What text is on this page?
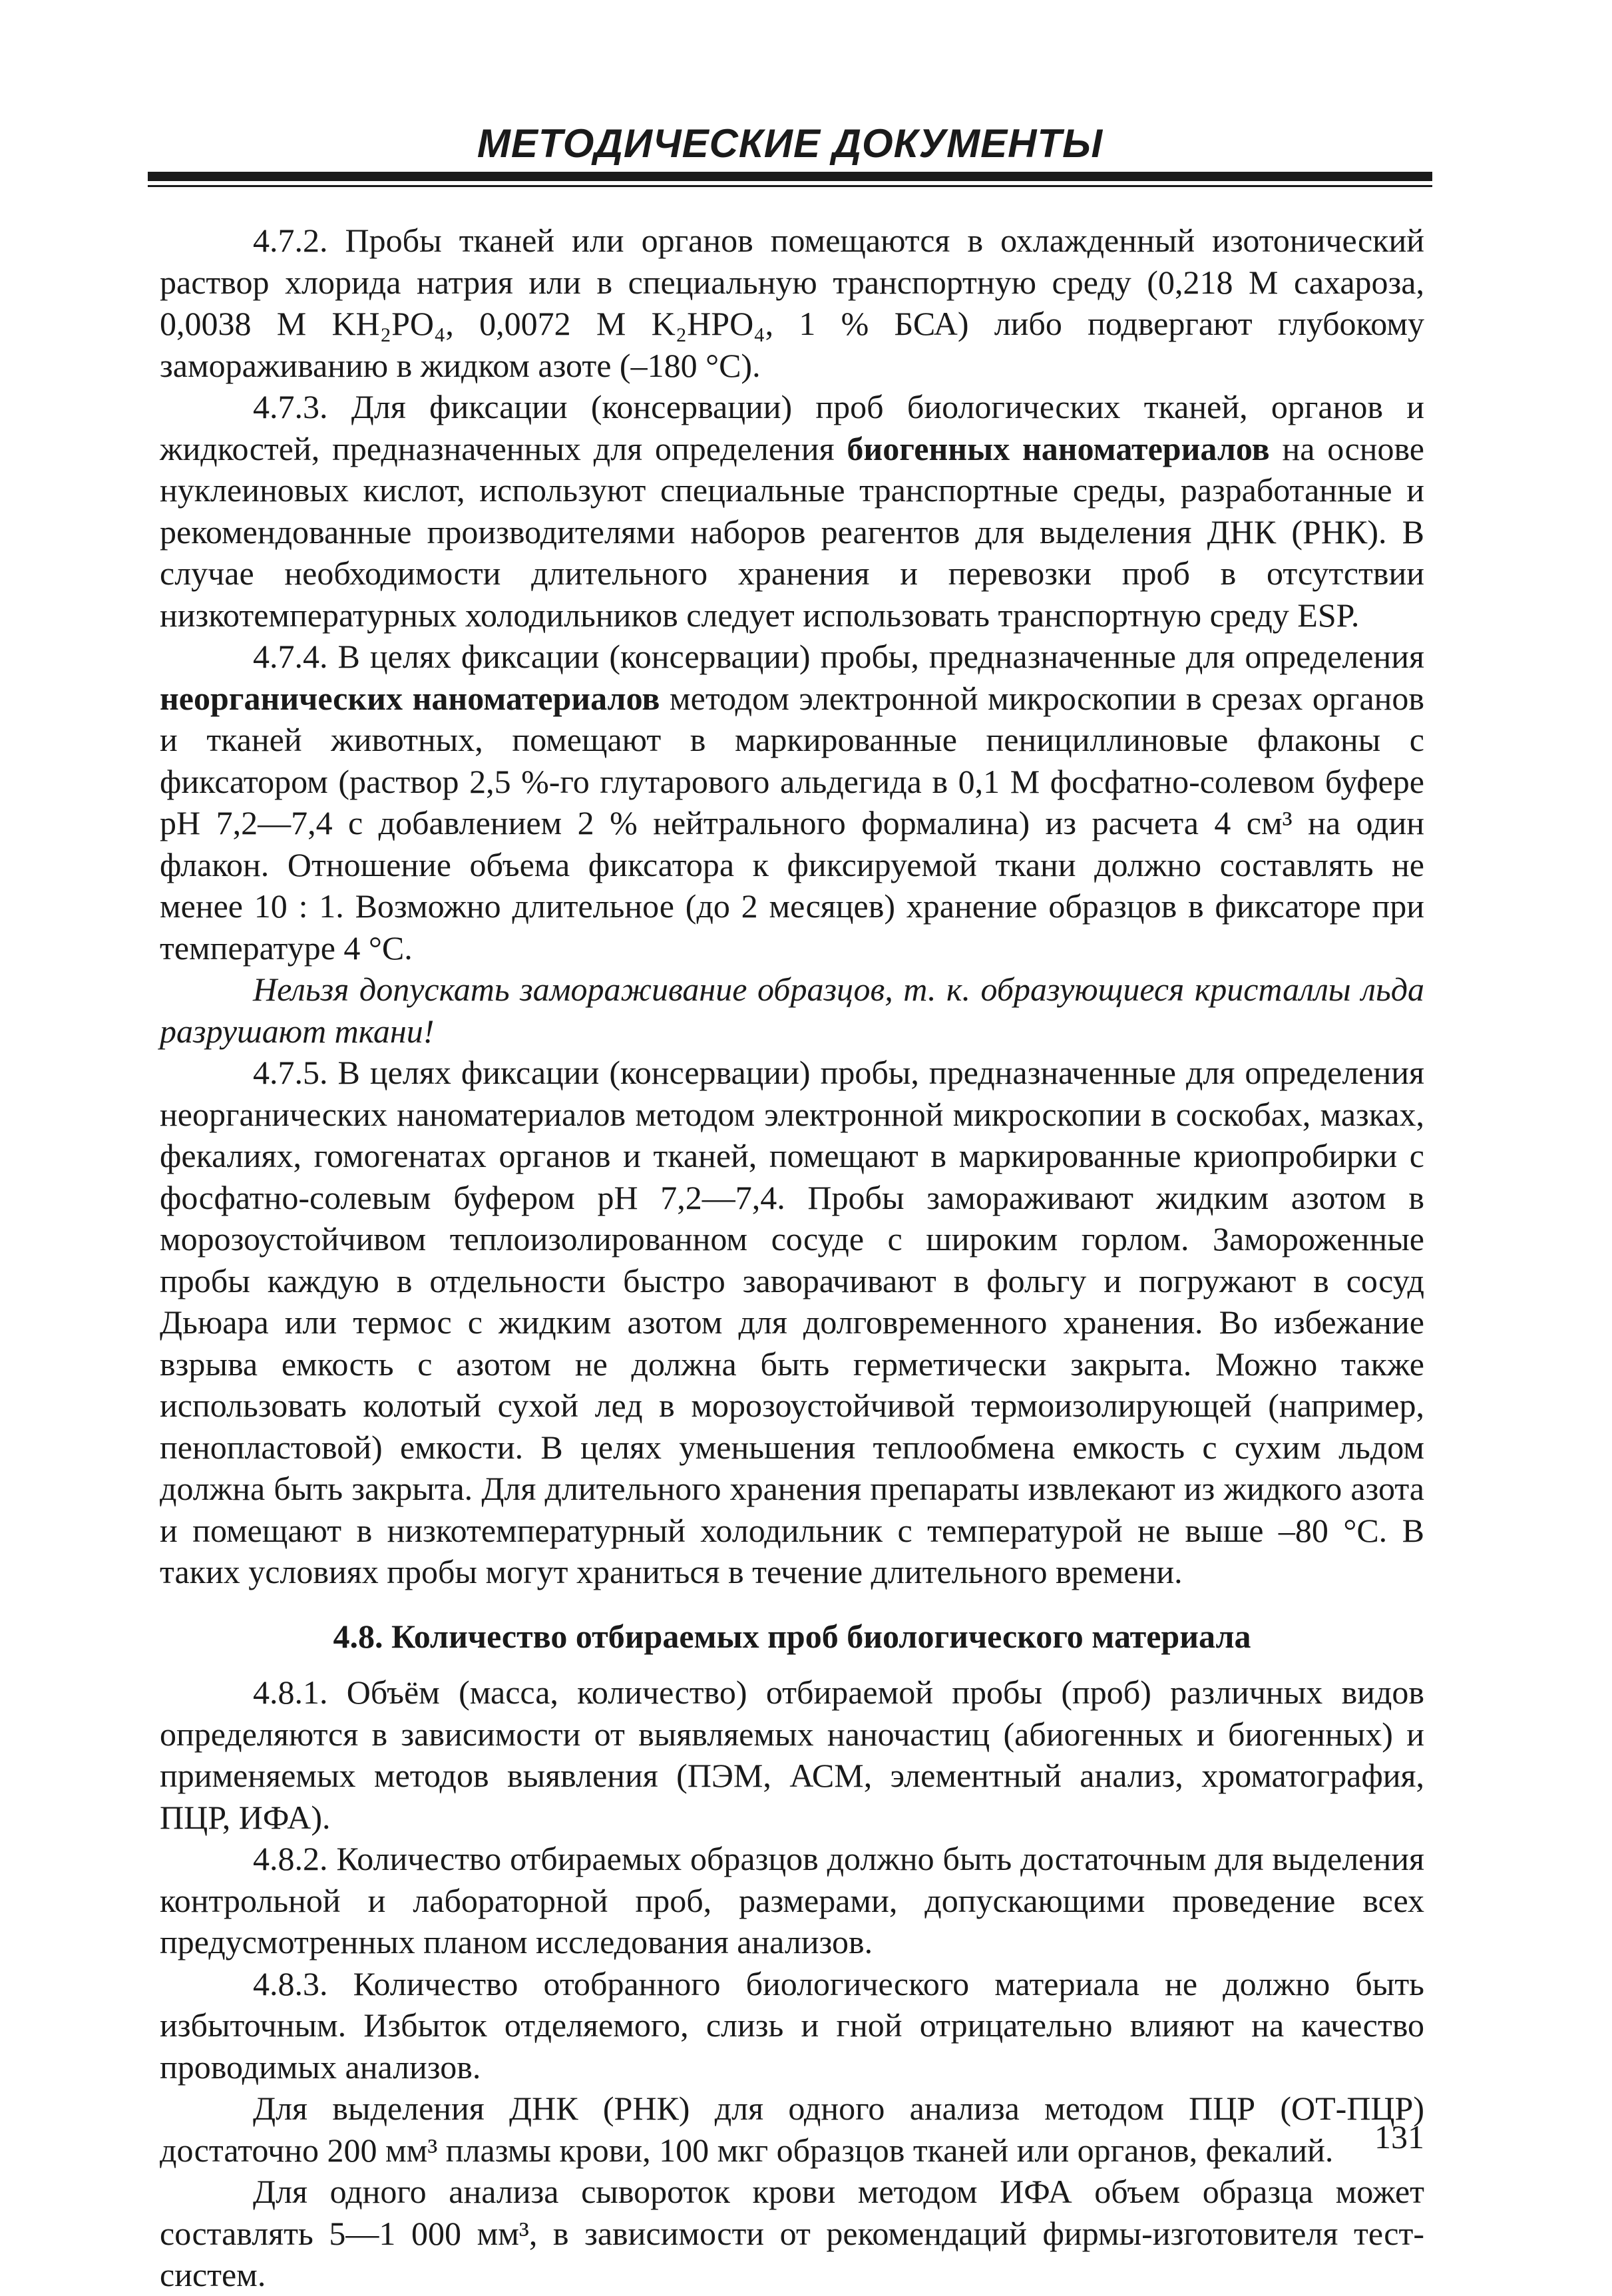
МЕТОДИЧЕСКИЕ ДОКУМЕНТЫ

4.7.2. Пробы тканей или органов помещаются в охлажденный изотонический раствор хлорида натрия или в специальную транспортную среду (0,218 М сахароза, 0,0038 М KH₂PO₄, 0,0072 М K₂HPO₄, 1 % БСА) либо подвергают глубокому замораживанию в жидком азоте (–180 °C).

4.7.3. Для фиксации (консервации) проб биологических тканей, органов и жидкостей, предназначенных для определения биогенных наноматериалов на основе нуклеиновых кислот, используют специальные транспортные среды, разработанные и рекомендованные производителями наборов реагентов для выделения ДНК (РНК). В случае необходимости длительного хранения и перевозки проб в отсутствии низкотемпературных холодильников следует использовать транспортную среду ESP.

4.7.4. В целях фиксации (консервации) пробы, предназначенные для определения неорганических наноматериалов методом электронной микроскопии в срезах органов и тканей животных, помещают в маркированные пенициллиновые флаконы с фиксатором (раствор 2,5 %-го глутарового альдегида в 0,1 М фосфатно-солевом буфере pH 7,2—7,4 с добавлением 2 % нейтрального формалина) из расчета 4 см³ на один флакон. Отношение объема фиксатора к фиксируемой ткани должно составлять не менее 10 : 1. Возможно длительное (до 2 месяцев) хранение образцов в фиксаторе при температуре 4 °C.

Нельзя допускать замораживание образцов, т. к. образующиеся кристаллы льда разрушают ткани!

4.7.5. В целях фиксации (консервации) пробы, предназначенные для определения неорганических наноматериалов методом электронной микроскопии в соскобах, мазках, фекалиях, гомогенатах органов и тканей, помещают в маркированные криопробирки с фосфатно-солевым буфером pH 7,2—7,4. Пробы замораживают жидким азотом в морозоустойчивом теплоизолированном сосуде с широким горлом. Замороженные пробы каждую в отдельности быстро заворачивают в фольгу и погружают в сосуд Дьюара или термос с жидким азотом для долговременного хранения. Во избежание взрыва емкость с азотом не должна быть герметически закрыта. Можно также использовать колотый сухой лед в морозоустойчивой термоизолирующей (например, пенопластовой) емкости. В целях уменьшения теплообмена емкость с сухим льдом должна быть закрыта. Для длительного хранения препараты извлекают из жидкого азота и помещают в низкотемпературный холодильник с температурой не выше –80 °C. В таких условиях пробы могут храниться в течение длительного времени.

4.8. Количество отбираемых проб биологического материала

4.8.1. Объём (масса, количество) отбираемой пробы (проб) различных видов определяются в зависимости от выявляемых наночастиц (абиогенных и биогенных) и применяемых методов выявления (ПЭМ, АСМ, элементный анализ, хроматография, ПЦР, ИФА).

4.8.2. Количество отбираемых образцов должно быть достаточным для выделения контрольной и лабораторной проб, размерами, допускающими проведение всех предусмотренных планом исследования анализов.

4.8.3. Количество отобранного биологического материала не должно быть избыточным. Избыток отделяемого, слизь и гной отрицательно влияют на качество проводимых анализов.

Для выделения ДНК (РНК) для одного анализа методом ПЦР (ОТ-ПЦР) достаточно 200 мм³ плазмы крови, 100 мкг образцов тканей или органов, фекалий.

Для одного анализа сывороток крови методом ИФА объем образца может составлять 5—1 000 мм³, в зависимости от рекомендаций фирмы-изготовителя тест-систем.

131
